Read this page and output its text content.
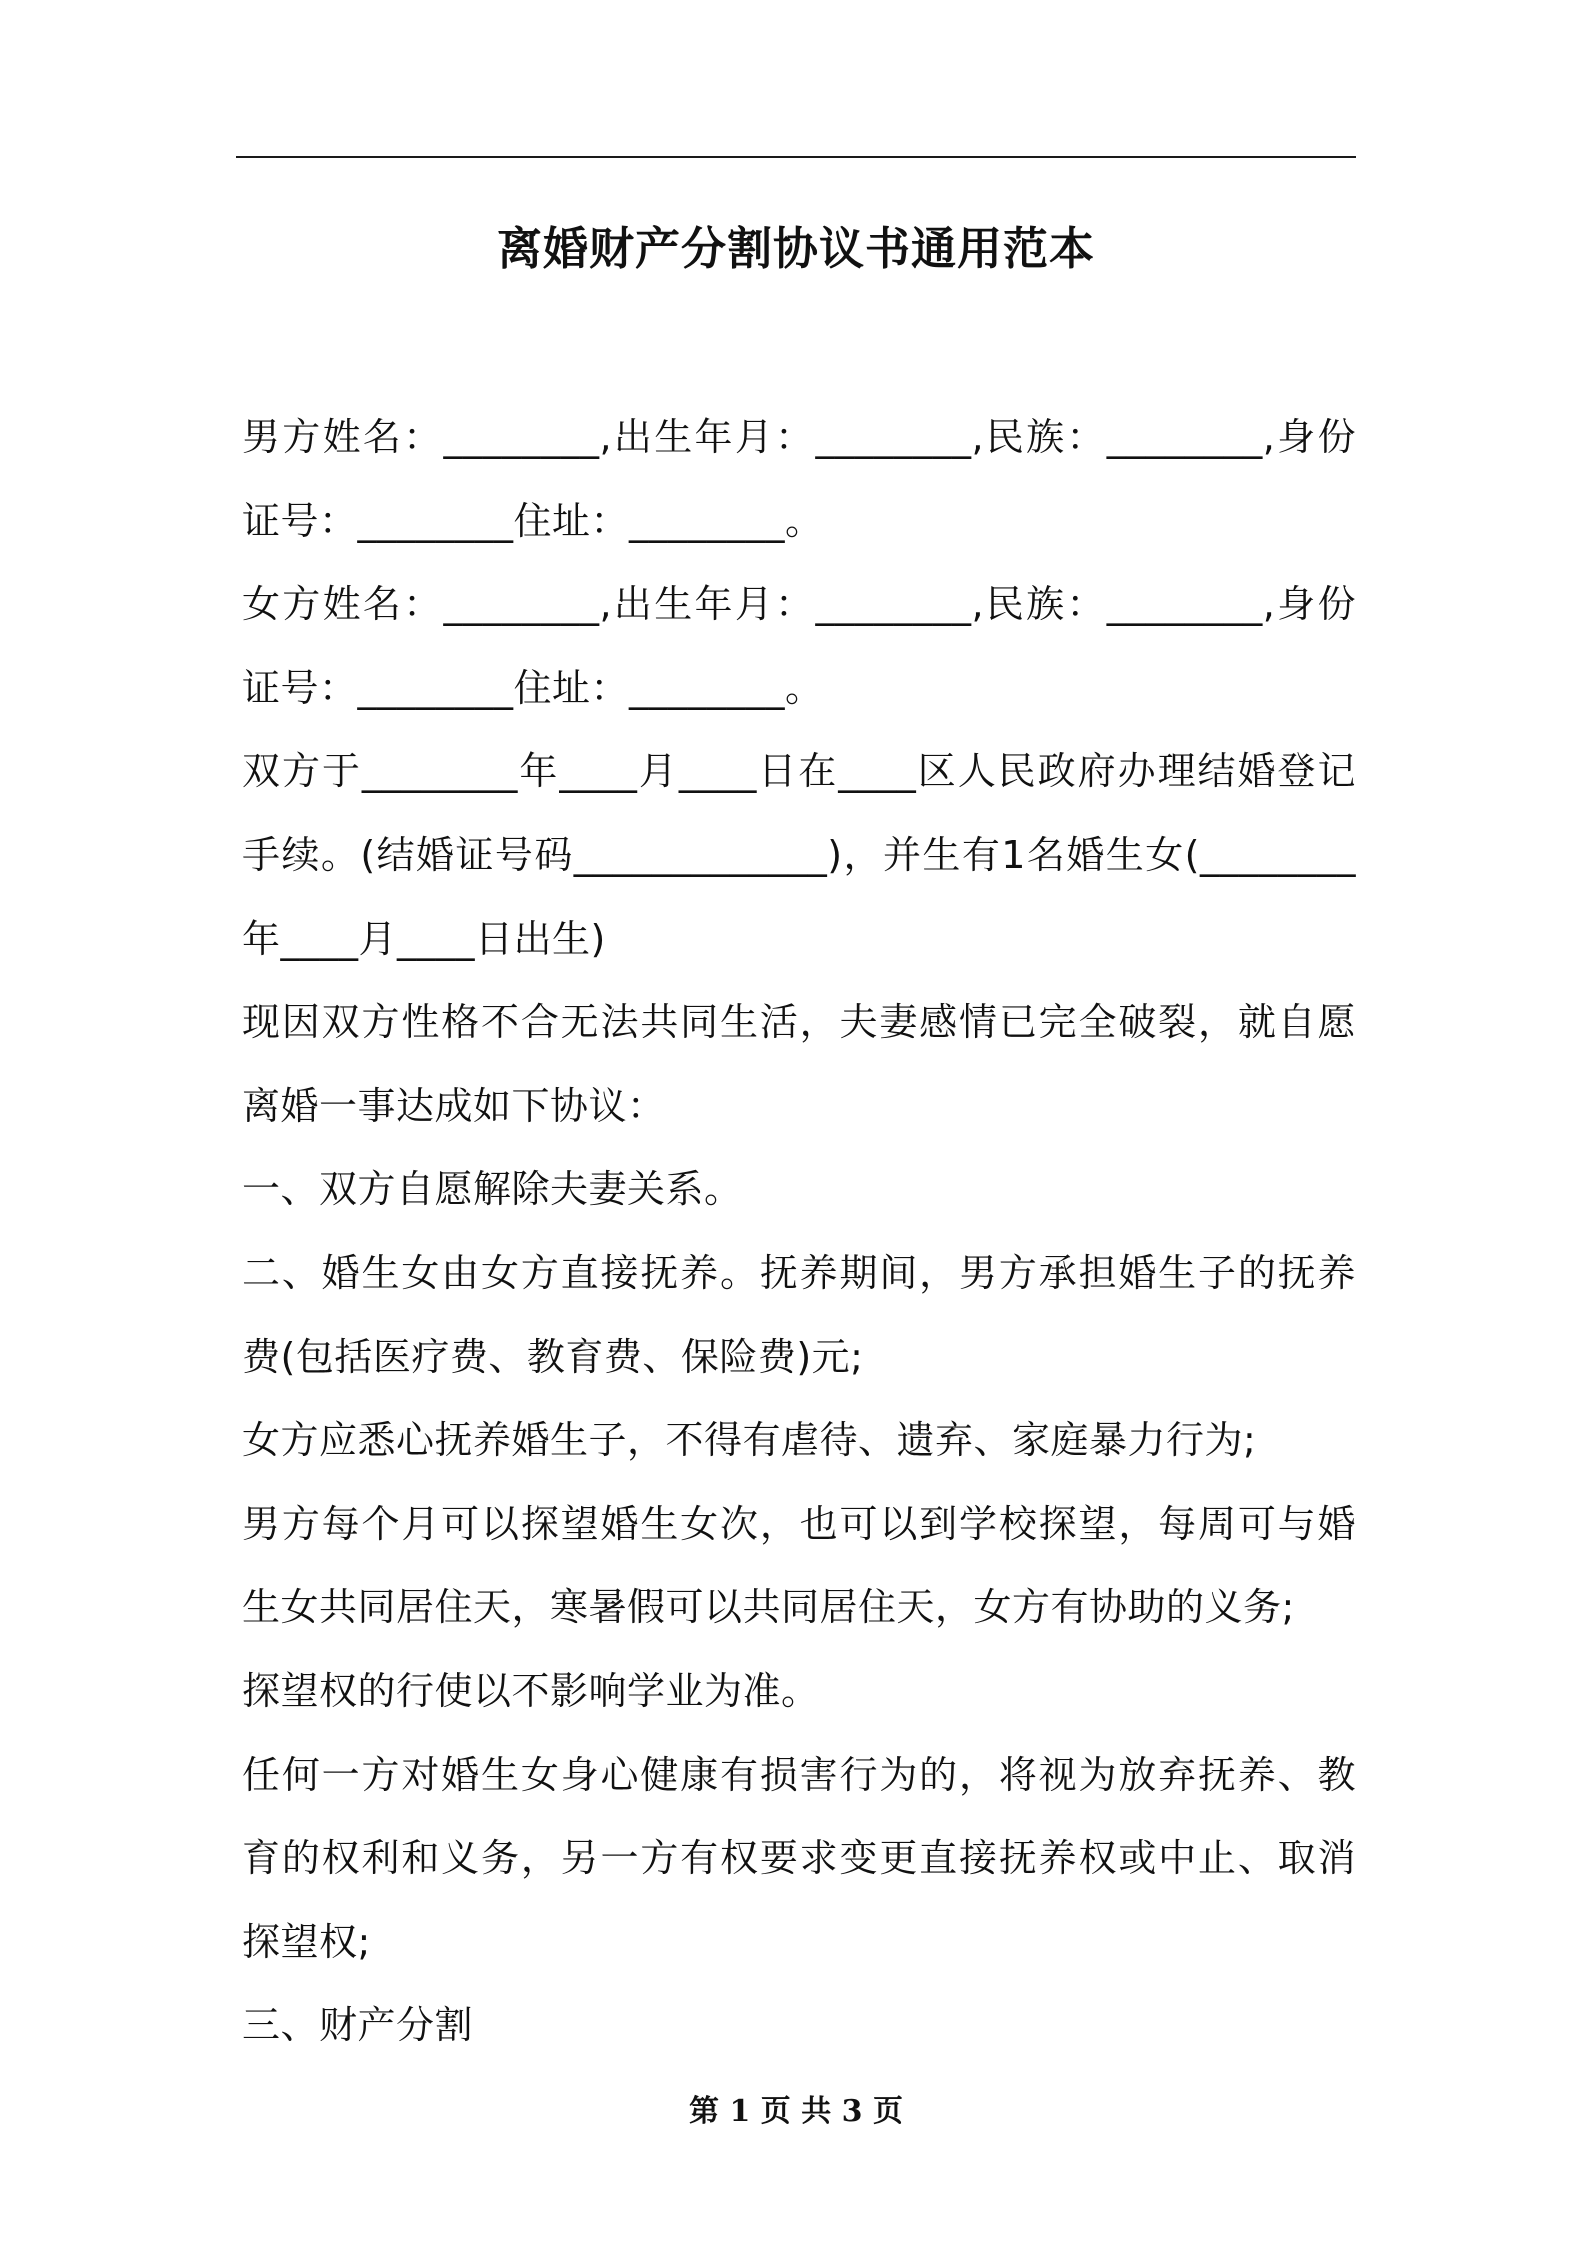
离婚财产分割协议书通用范本

男方姓名：________,出生年月：________,民族：________,身份证号：________住址：________。

女方姓名：________,出生年月：________,民族：________,身份证号：________住址：________。

双方于________年____月____日在____区人民政府办理结婚登记手续。(结婚证号码_____________)，并生有1名婚生女(________年____月____日出生)

现因双方性格不合无法共同生活，夫妻感情已完全破裂，就自愿离婚一事达成如下协议：

一、双方自愿解除夫妻关系。

二、婚生女由女方直接抚养。抚养期间，男方承担婚生子的抚养费(包括医疗费、教育费、保险费)元;

女方应悉心抚养婚生子，不得有虐待、遗弃、家庭暴力行为;

男方每个月可以探望婚生女次，也可以到学校探望，每周可与婚生女共同居住天，寒暑假可以共同居住天，女方有协助的义务;

探望权的行使以不影响学业为准。

任何一方对婚生女身心健康有损害行为的，将视为放弃抚养、教育的权利和义务，另一方有权要求变更直接抚养权或中止、取消探望权;

三、财产分割

第 1 页 共 3 页
